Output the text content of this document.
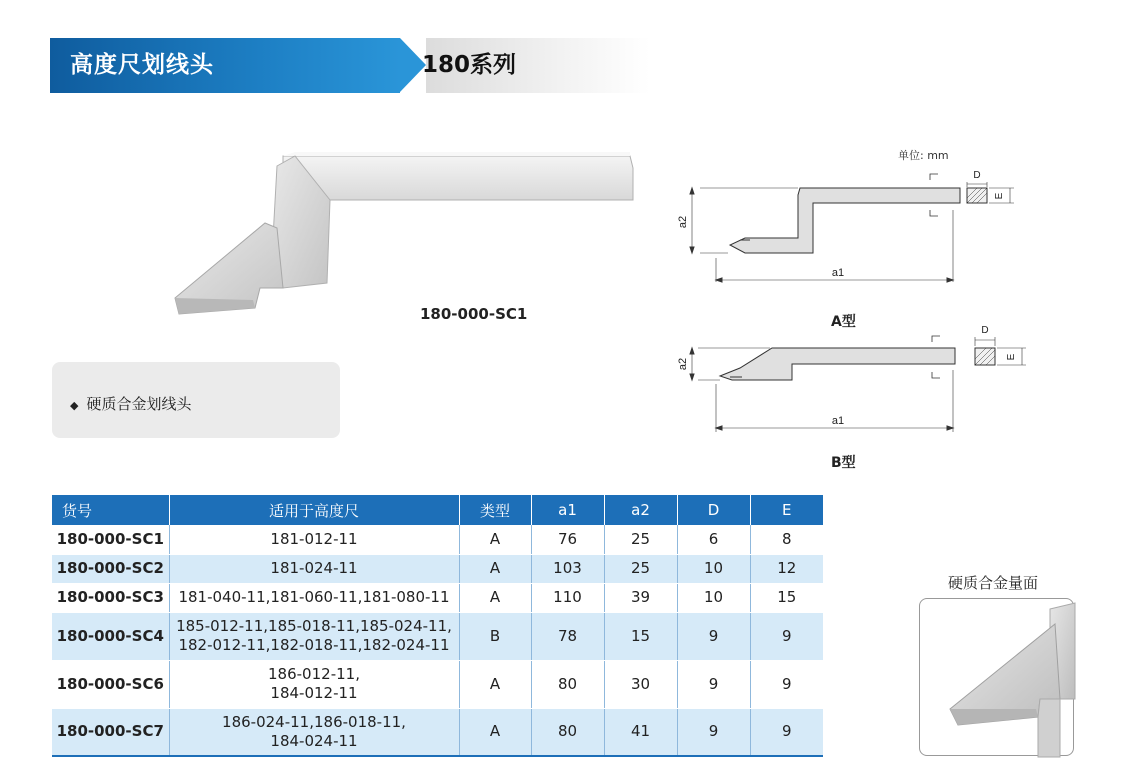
高度尺划线头	180系列
180-000-SC1
◆ 硬质合金划线头
单位: mm
a2
a1
D
E
a2
a1
D
E
A型
B型
货号	适用于高度尺	类型	a1	a2	D	E
180-000-SC1	181-012-11	A	76	25	6	8
180-000-SC2	181-024-11	A	103	25	10	12
180-000-SC3	181-040-11,181-060-11,181-080-11	A	110	39	10	15
180-000-SC4	185-012-11,185-018-11,185-024-11,
182-012-11,182-018-11,182-024-11	B	78	15	9	9
180-000-SC6	186-012-11,
184-012-11	A	80	30	9	9
180-000-SC7	186-024-11,186-018-11,
184-024-11	A	80	41	9	9
硬质合金量面
